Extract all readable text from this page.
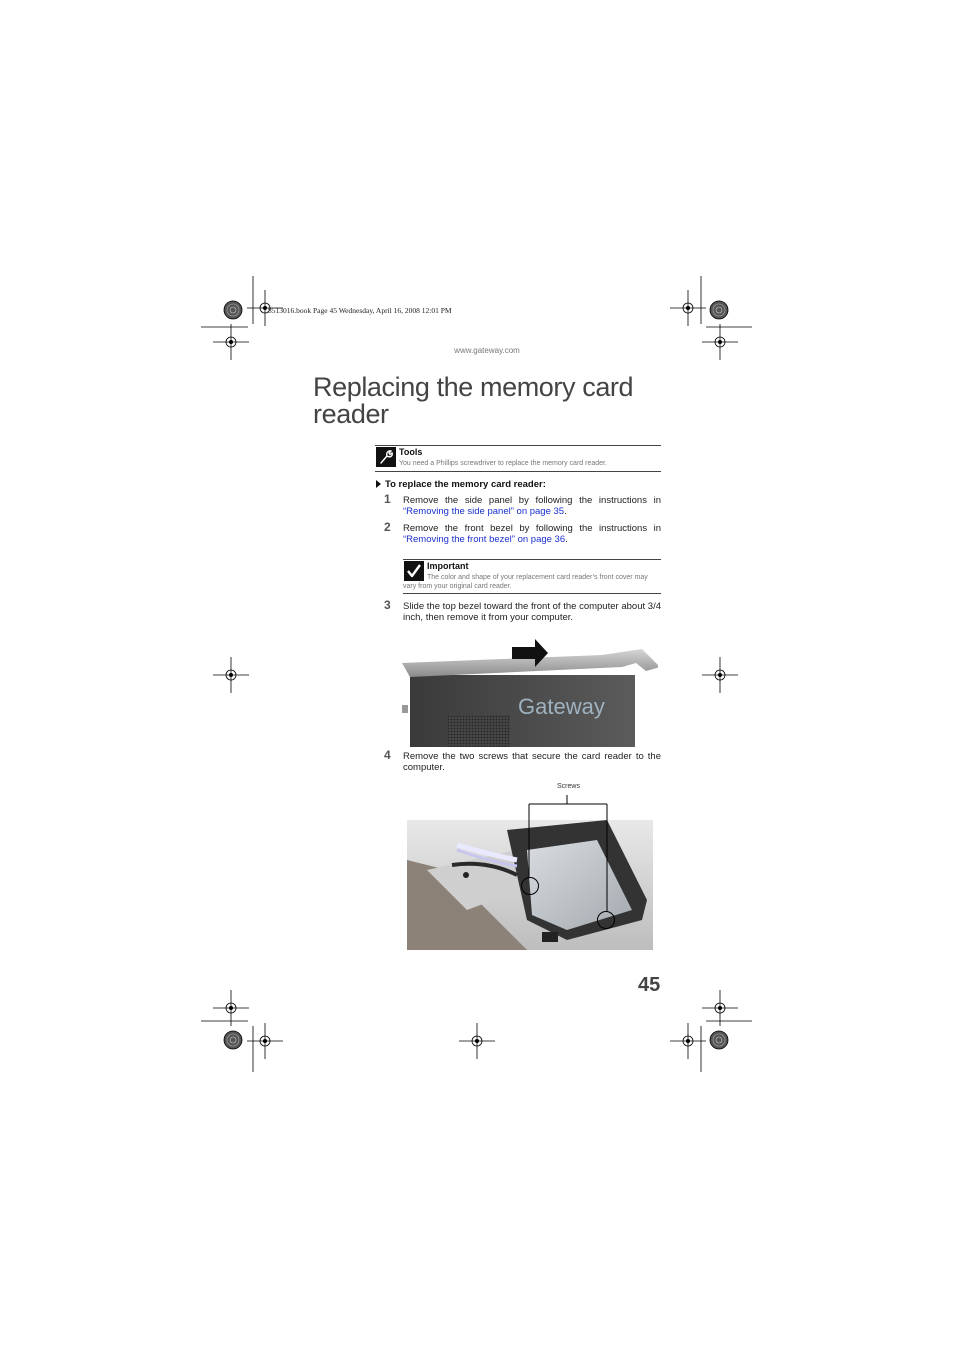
8513016.book Page 45 Wednesday, April 16, 2008 12:01 PM
www.gateway.com
Replacing the memory card reader
Tools
You need a Phillips screwdriver to replace the memory card reader.
To replace the memory card reader:
1 Remove the side panel by following the instructions in “Removing the side panel” on page 35.
2 Remove the front bezel by following the instructions in “Removing the front bezel” on page 36.
Important
The color and shape of your replacement card reader’s front cover may vary from your original card reader.
3 Slide the top bezel toward the front of the computer about 3/4 inch, then remove it from your computer.
Gateway
4 Remove the two screws that secure the card reader to the computer.
Screws
45
